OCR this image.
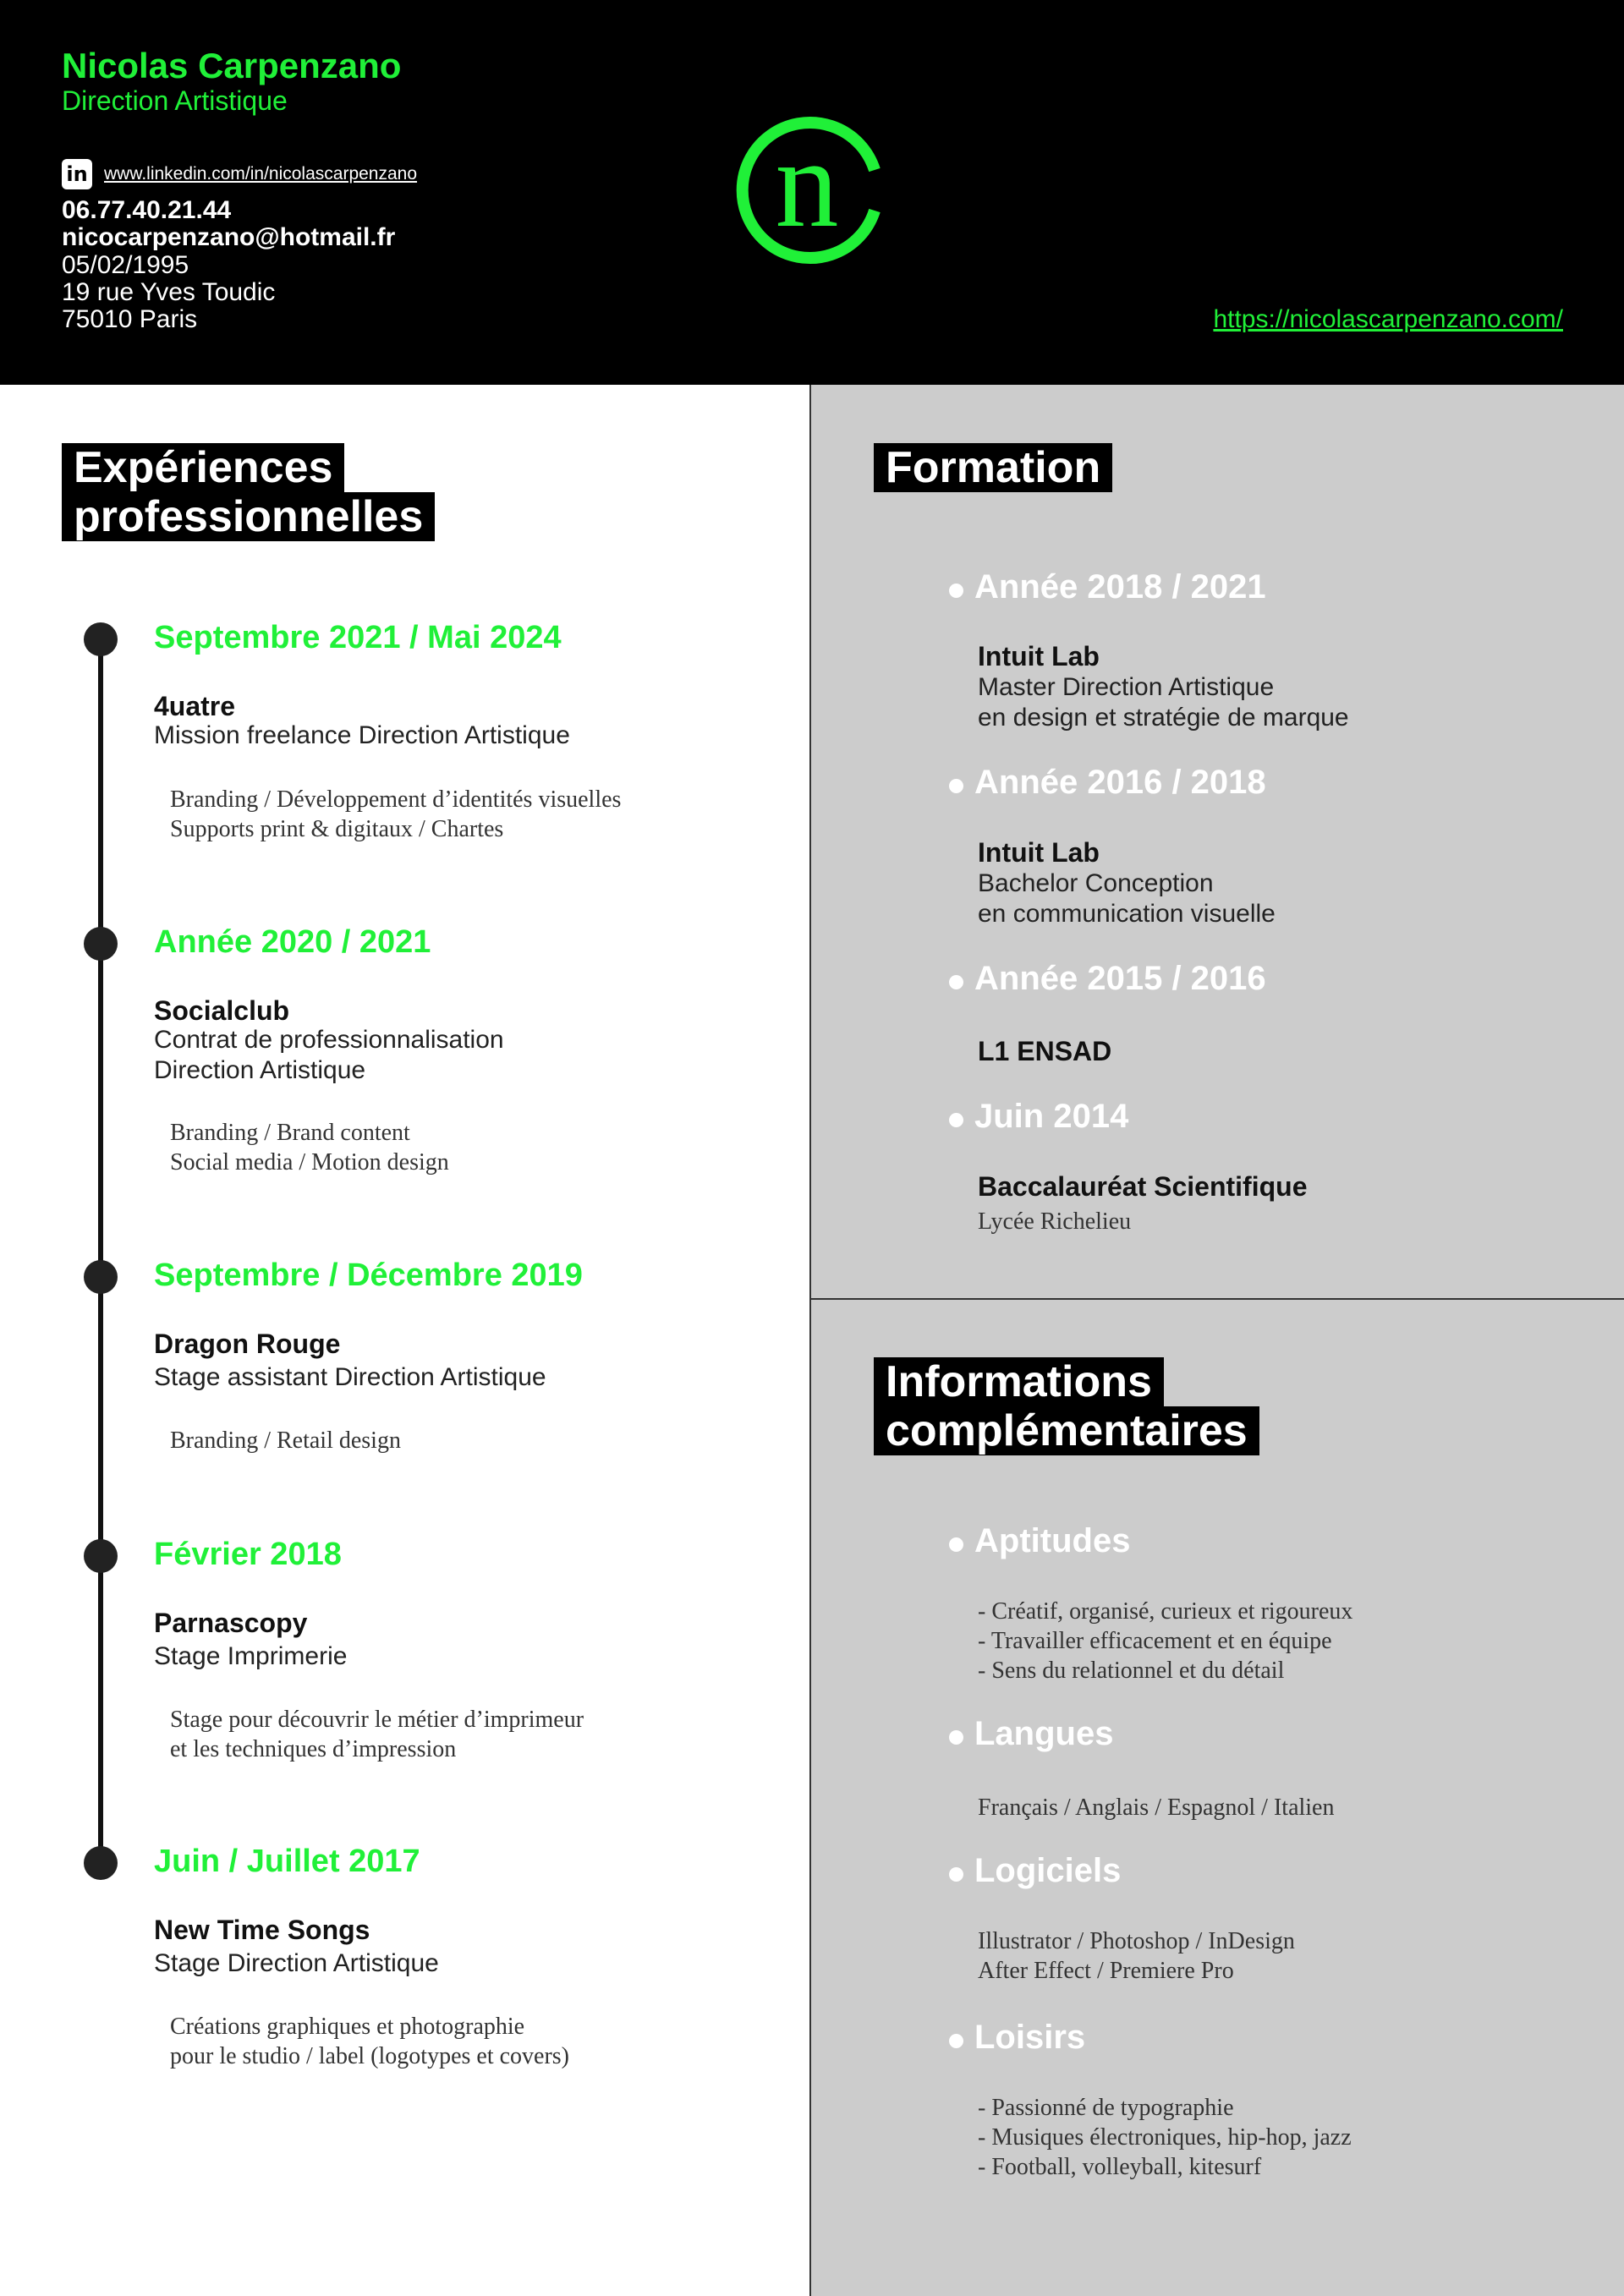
Nicolas Carpenzano
Direction Artistique
in www.linkedin.com/in/nicolascarpenzano
06.77.40.21.44
nicocarpenzano@hotmail.fr
05/02/1995
19 rue Yves Toudic
75010 Paris
n
https://nicolascarpenzano.com/
Expériences
professionnelles
Septembre 2021 / Mai 2024
4uatre
Mission freelance Direction Artistique
Branding / Développement d’identités visuelles
Supports print & digitaux / Chartes
Année 2020 / 2021
Socialclub
Contrat de professionnalisation
Direction Artistique
Branding / Brand content
Social media / Motion design
Septembre / Décembre 2019
Dragon Rouge
Stage assistant Direction Artistique
Branding / Retail design
Février 2018
Parnascopy
Stage Imprimerie
Stage pour découvrir le métier d’imprimeur
et les techniques d’impression
Juin / Juillet 2017
New Time Songs
Stage Direction Artistique
Créations graphiques et photographie
pour le studio / label (logotypes et covers)
Formation
Année 2018 / 2021
Intuit Lab
Master Direction Artistique
en design et stratégie de marque
Année 2016 / 2018
Intuit Lab
Bachelor Conception
en communication visuelle
Année 2015 / 2016
L1 ENSAD
Juin 2014
Baccalauréat Scientifique
Lycée Richelieu
Informations
complémentaires
Aptitudes
- Créatif, organisé, curieux et rigoureux
- Travailler efficacement et en équipe
- Sens du relationnel et du détail
Langues
Français / Anglais / Espagnol / Italien
Logiciels
Illustrator / Photoshop / InDesign
After Effect / Premiere Pro
Loisirs
- Passionné de typographie
- Musiques électroniques, hip-hop, jazz
- Football, volleyball, kitesurf
